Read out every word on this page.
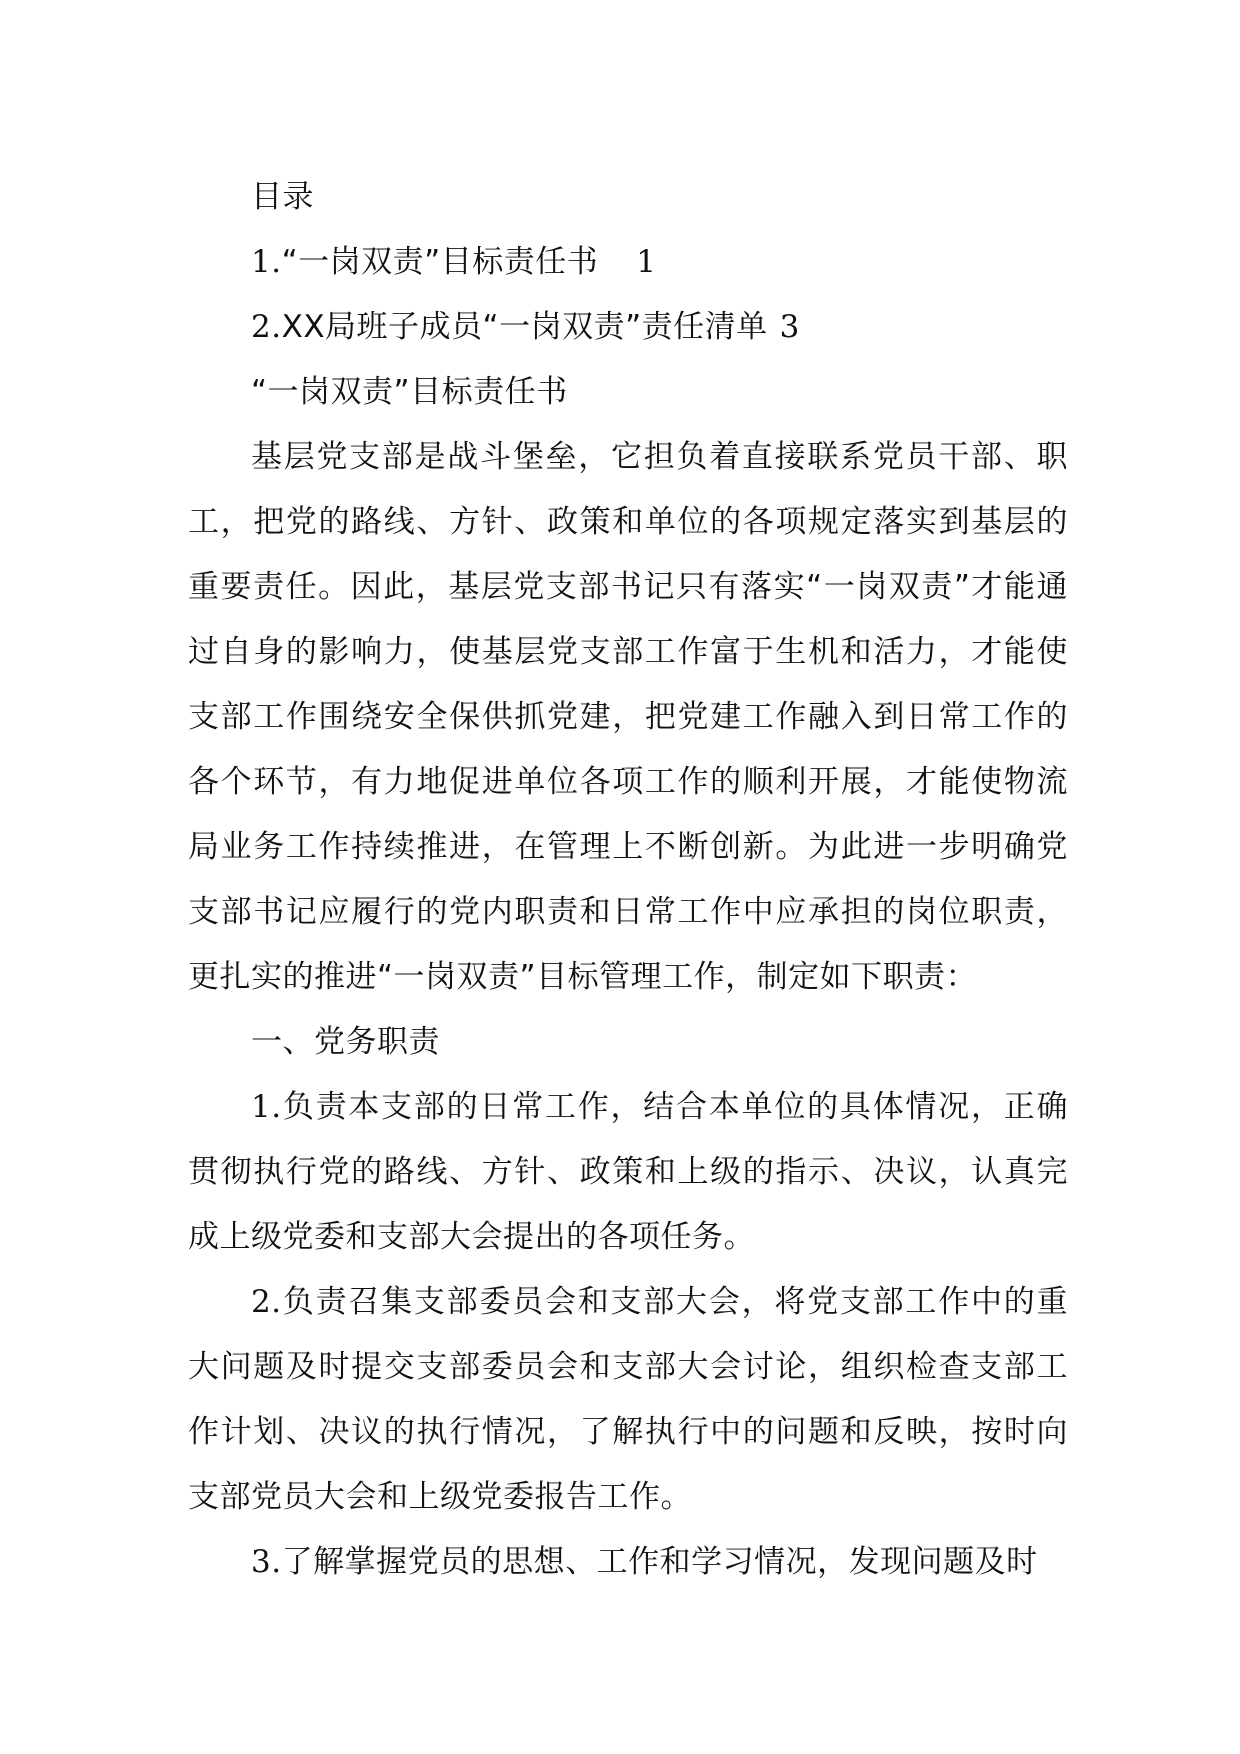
目录
1.“一岗双责”目标责任书 1
2.XX局班子成员“一岗双责”责任清单 3
“一岗双责”目标责任书

基层党支部是战斗堡垒，它担负着直接联系党员干部、职工，把党的路线、方针、政策和单位的各项规定落实到基层的重要责任。因此，基层党支部书记只有落实“一岗双责”才能通过自身的影响力，使基层党支部工作富于生机和活力，才能使支部工作围绕安全保供抓党建，把党建工作融入到日常工作的各个环节，有力地促进单位各项工作的顺利开展，才能使物流局业务工作持续推进，在管理上不断创新。为此进一步明确党支部书记应履行的党内职责和日常工作中应承担的岗位职责，更扎实的推进“一岗双责”目标管理工作，制定如下职责：

一、党务职责

1.负责本支部的日常工作，结合本单位的具体情况，正确贯彻执行党的路线、方针、政策和上级的指示、决议，认真完成上级党委和支部大会提出的各项任务。

2.负责召集支部委员会和支部大会，将党支部工作中的重大问题及时提交支部委员会和支部大会讨论，组织检查支部工作计划、决议的执行情况，了解执行中的问题和反映，按时向支部党员大会和上级党委报告工作。

3.了解掌握党员的思想、工作和学习情况，发现问题及时
